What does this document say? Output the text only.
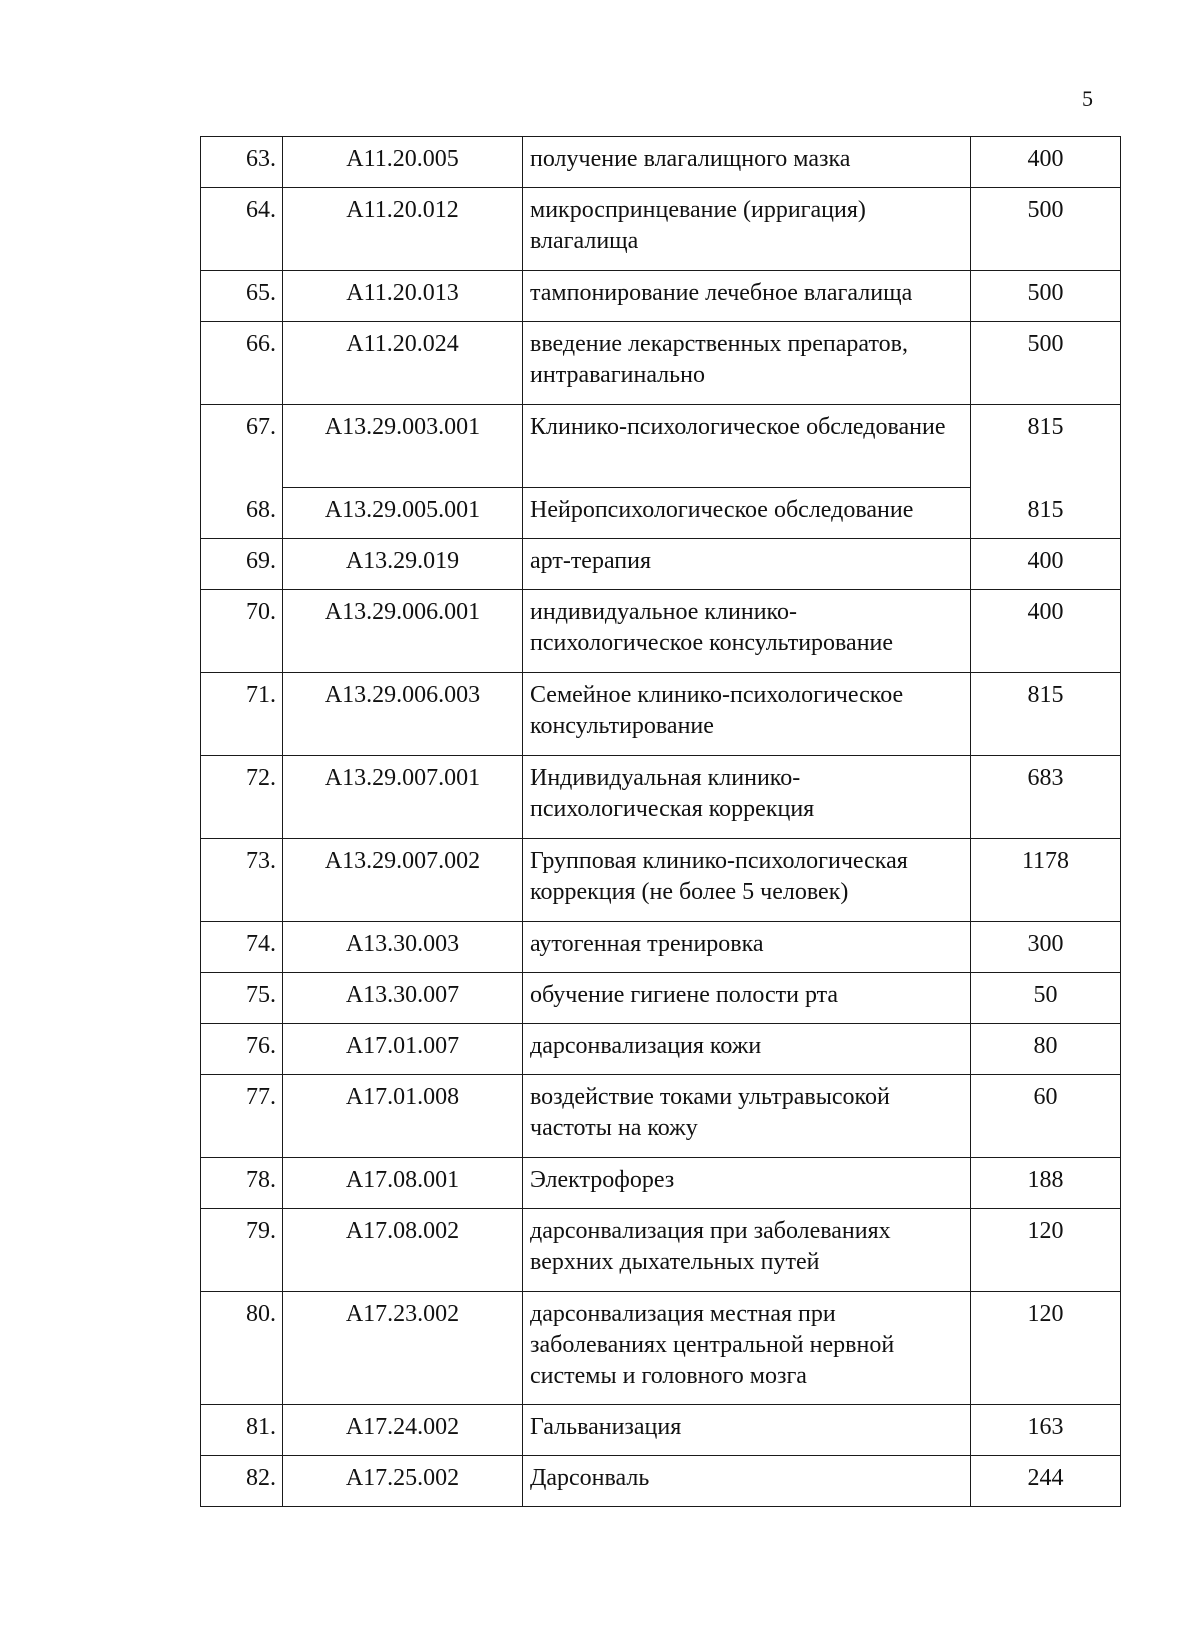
5
63.	А11.20.005	получение влагалищного мазка	400
64.	А11.20.012	микроспринцевание (ирригация) влагалища	500
65.	А11.20.013	тампонирование лечебное влагалища	500
66.	А11.20.024	введение лекарственных препаратов, интравагинально	500
67.	А13.29.003.001	Клинико-психологическое обследование	815
68.	А13.29.005.001	Нейропсихологическое обследование	815
69.	А13.29.019	арт-терапия	400
70.	А13.29.006.001	индивидуальное клинико-психологическое консультирование	400
71.	А13.29.006.003	Семейное клинико-психологическое консультирование	815
72.	А13.29.007.001	Индивидуальная клинико-психологическая коррекция	683
73.	А13.29.007.002	Групповая клинико-психологическая коррекция (не более 5 человек)	1178
74.	А13.30.003	аутогенная тренировка	300
75.	А13.30.007	обучение гигиене полости рта	50
76.	А17.01.007	дарсонвализация кожи	80
77.	А17.01.008	воздействие токами ультравысокой частоты на кожу	60
78.	А17.08.001	Электрофорез	188
79.	А17.08.002	дарсонвализация при заболеваниях верхних дыхательных путей	120
80.	А17.23.002	дарсонвализация местная при заболеваниях центральной нервной системы и головного мозга	120
81.	А17.24.002	Гальванизация	163
82.	А17.25.002	Дарсонваль	244
